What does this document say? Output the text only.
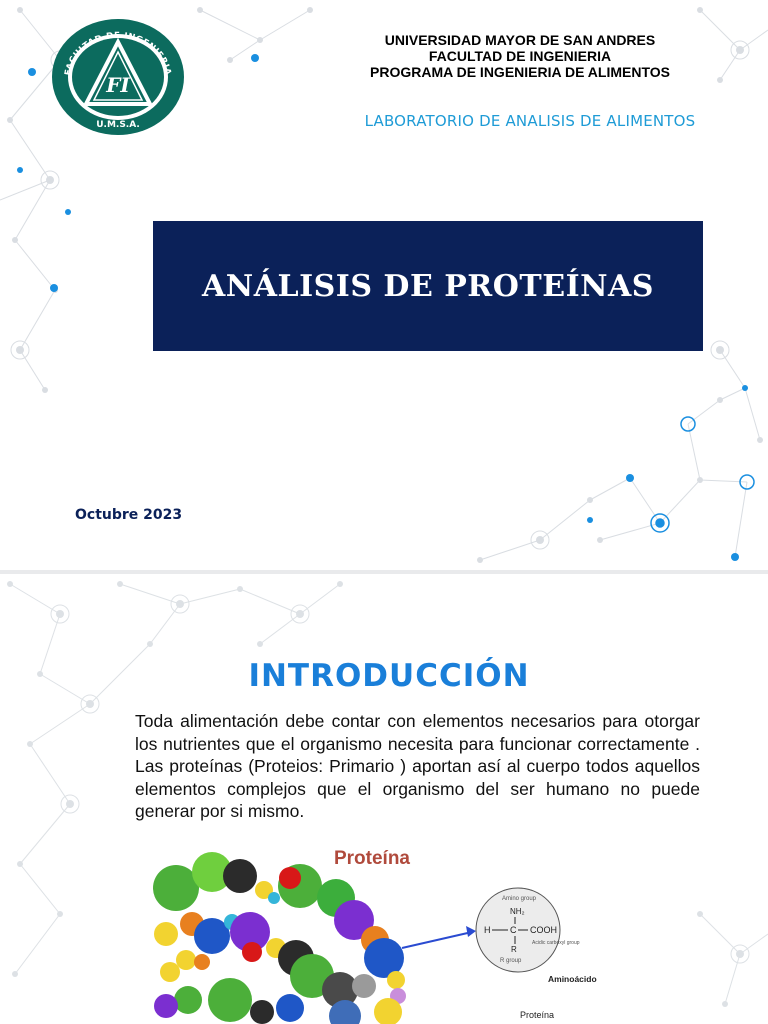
FI
FACULTAD DE INGENIERIA
U.M.S.A.
UNIVERSIDAD MAYOR DE SAN ANDRES
FACULTAD DE INGENIERIA
PROGRAMA DE INGENIERIA DE ALIMENTOS
LABORATORIO DE ANALISIS DE ALIMENTOS
ANÁLISIS DE PROTEÍNAS
Octubre 2023
INTRODUCCIÓN
Toda alimentación debe contar con elementos necesarios para otorgar los nutrientes que el organismo necesita para funcionar correctamente . Las proteínas (Proteios: Primario ) aportan así al cuerpo todos aquellos elementos complejos que el organismo del ser humano no puede generar por si mismo.
Proteína
Amino group
NH₂
H C COOH
R
R group
Acidic carboxyl group
Aminoácido
Proteína
